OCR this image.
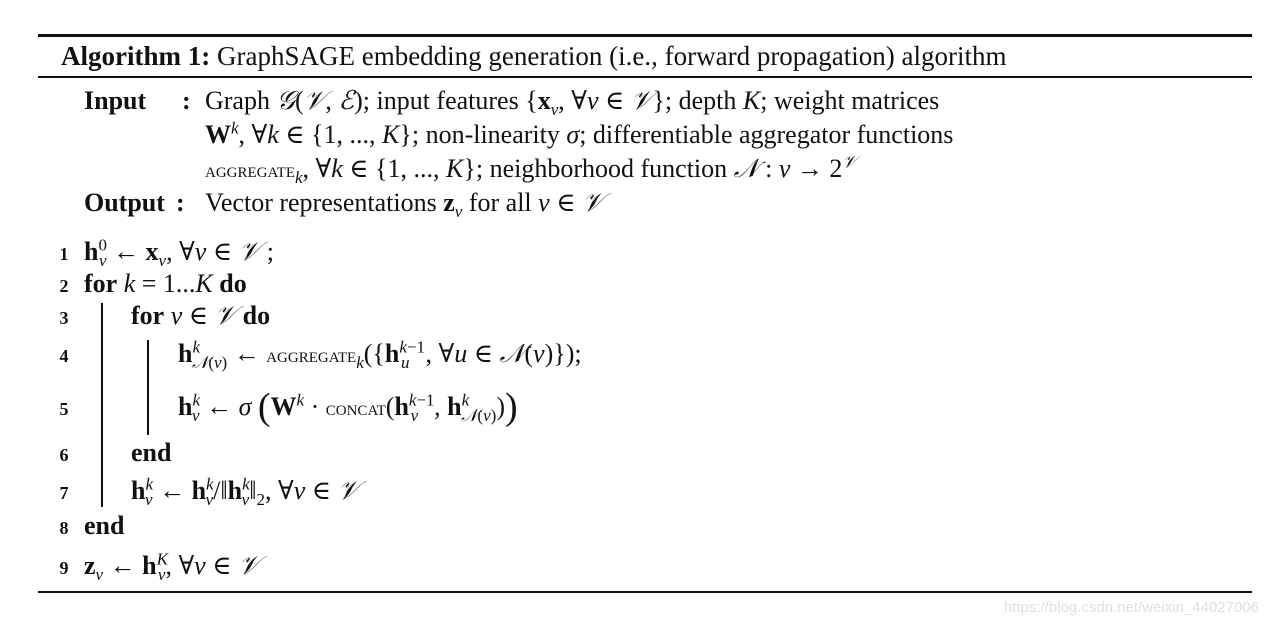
Algorithm 1: GraphSAGE embedding generation (i.e., forward propagation) algorithm
Input : Graph 𝒢(𝒱, ℰ); input features {$x_v$, ∀v ∈ 𝒱}; depth K; weight matrices
$W^k$, ∀k ∈ {1, ..., K}; non-linearity σ; differentiable aggregator functions
aggregate$_k$, ∀k ∈ {1, ..., K}; neighborhood function 𝒩 : $v \to 2^𝒱$
Output : Vector representations $z_v$ for all v ∈ 𝒱
1
2
3
4
5
6
7
8
9
$h^0_v$ ← $x_v$, ∀v ∈ 𝒱 ;
for k = 1...K do
for v ∈ 𝒱 do
$h^k_{𝒩(v)}$ ← $aggregate_k(\{h^{k-1}_u$ , ∀u ∈ 𝒩(v)});
$h^k_v$ ← σ ($W^k$ · $concat(h^{k-1}_v$ , $h^k_{𝒩(v)}$))
end
$h^k_v$ ← $h^k_v/‖h^k_v‖_2$, ∀v ∈ 𝒱
end
$z_v$ ← $h^K_v$, ∀v ∈ 𝒱
https://blog.csdn.net/weixin_44027006
